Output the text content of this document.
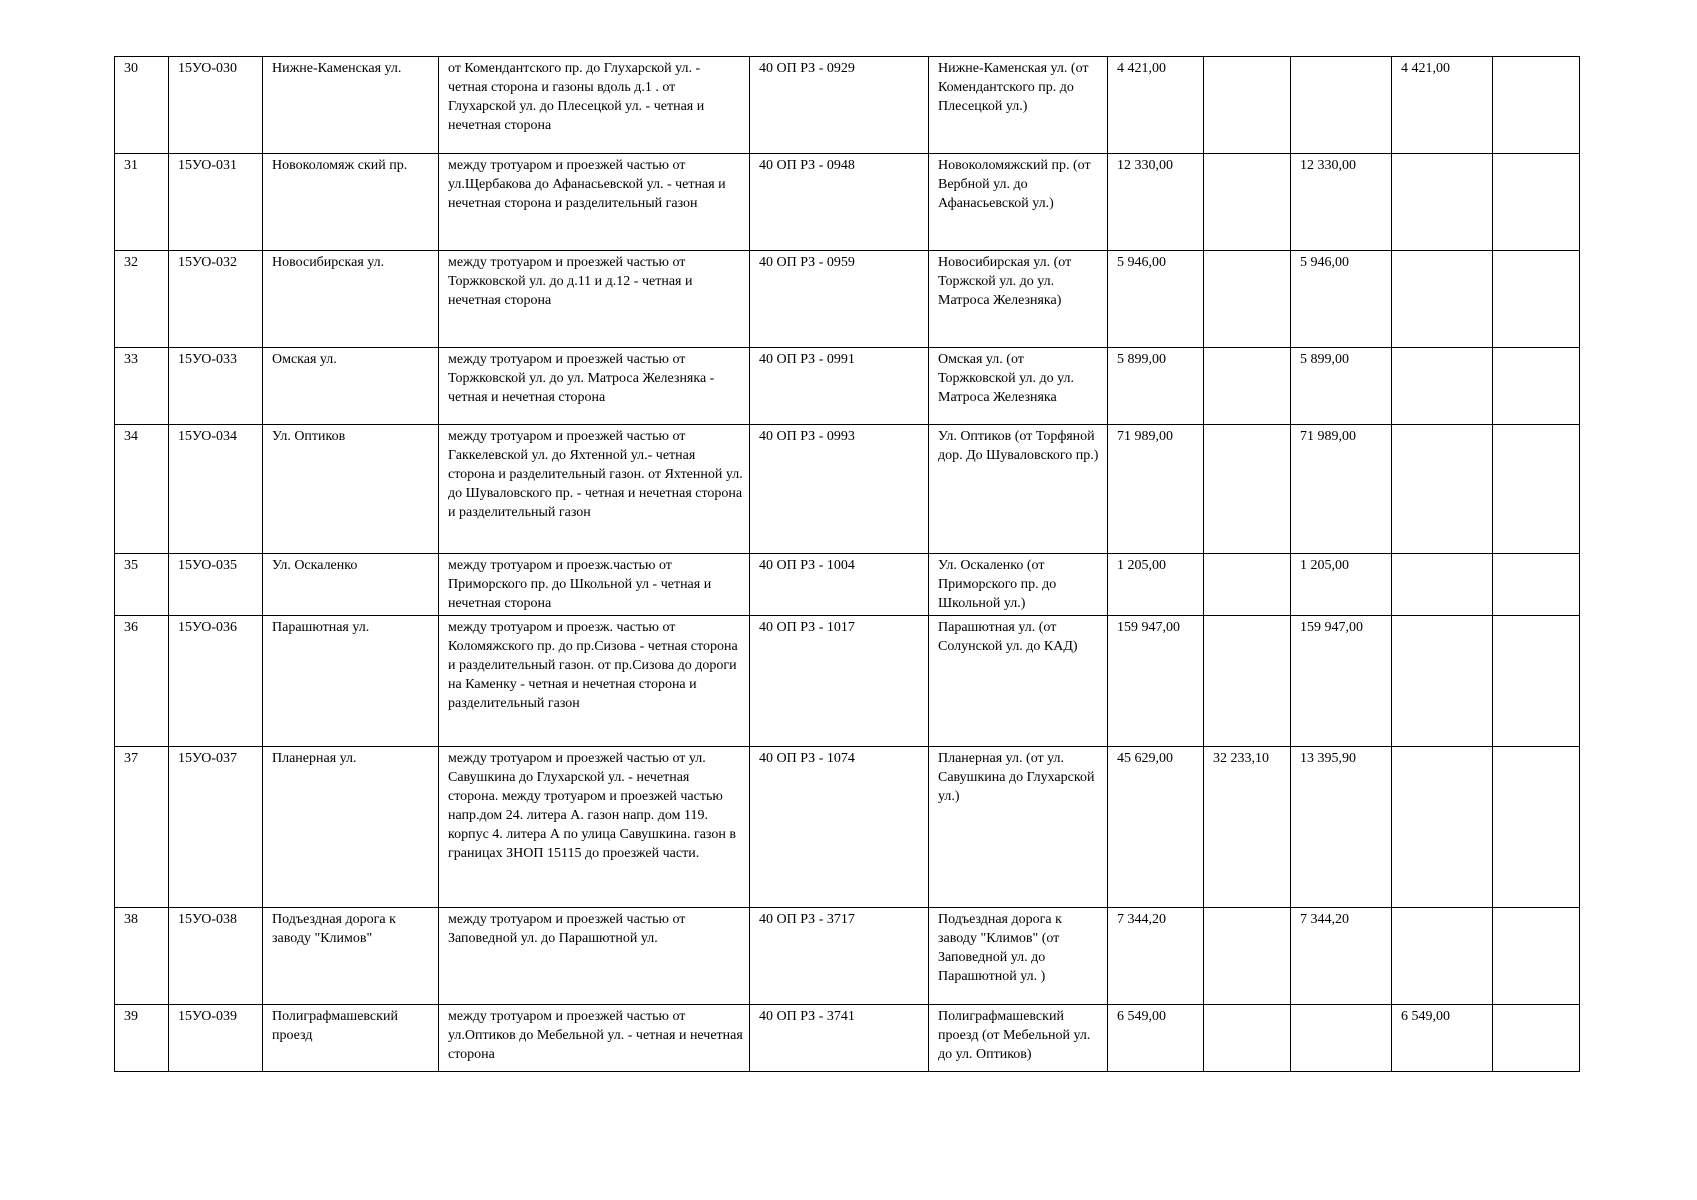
30	15УО-030	Нижне-Каменская ул.	от Комендантского пр. до Глухарской ул. - четная сторона и газоны вдоль д.1 . от Глухарской ул. до Плесецкой ул. - четная и нечетная сторона	40 ОП РЗ - 0929	Нижне-Каменская ул. (от Комендантского пр. до Плесецкой ул.)	4 421,00			4 421,00	
31	15УО-031	Новоколомяж ский пр.	между тротуаром и проезжей частью от ул.Щербакова до Афанасьевской ул. - четная и нечетная сторона и разделительный газон	40 ОП РЗ - 0948	Новоколомяжский пр. (от Вербной ул. до Афанасьевской ул.)	12 330,00		12 330,00		
32	15УО-032	Новосибирская ул.	между тротуаром и проезжей частью от Торжковской ул. до д.11 и д.12 - четная и нечетная сторона	40 ОП РЗ - 0959	Новосибирская ул. (от Торжской ул. до ул. Матроса Железняка)	5 946,00		5 946,00		
33	15УО-033	Омская ул.	между тротуаром и проезжей частью от Торжковской ул. до ул. Матроса Железняка - четная и нечетная сторона	40 ОП РЗ - 0991	Омская ул. (от Торжковской ул. до ул. Матроса Железняка	5 899,00		5 899,00		
34	15УО-034	Ул. Оптиков	между тротуаром и проезжей частью от Гаккелевской ул. до Яхтенной ул.- четная сторона и разделительный газон. от Яхтенной ул. до Шуваловского пр. - четная и нечетная сторона и разделительный газон	40 ОП РЗ - 0993	Ул. Оптиков (от Торфяной дор. До Шуваловского пр.)	71 989,00		71 989,00		
35	15УО-035	Ул. Оскаленко	между тротуаром и проезж.частью от Приморского пр. до Школьной ул - четная и нечетная сторона	40 ОП РЗ - 1004	Ул. Оскаленко (от Приморского пр. до Школьной ул.)	1 205,00		1 205,00		
36	15УО-036	Парашютная ул.	между тротуаром и проезж. частью от Коломяжского пр. до пр.Сизова - четная сторона и разделительный газон. от пр.Сизова до дороги на Каменку - четная и нечетная сторона и разделительный газон	40 ОП РЗ - 1017	Парашютная ул. (от Солунской ул. до КАД)	159 947,00		159 947,00		
37	15УО-037	Планерная ул.	между тротуаром и проезжей частью от ул. Савушкина до Глухарской ул. - нечетная сторона. между тротуаром и проезжей частью напр.дом 24. литера А. газон напр. дом 119. корпус 4. литера А по улица Савушкина. газон в границах ЗНОП 15115 до проезжей части.	40 ОП РЗ - 1074	Планерная ул. (от ул. Савушкина до Глухарской ул.)	45 629,00	32 233,10	13 395,90		
38	15УО-038	Подъездная дорога к заводу "Климов"	между тротуаром и проезжей частью от Заповедной ул. до Парашютной ул.	40 ОП РЗ - 3717	Подъездная дорога к заводу "Климов" (от Заповедной ул. до Парашютной ул. )	7 344,20		7 344,20		
39	15УО-039	Полиграфмашевский проезд	между тротуаром и проезжей частью от ул.Оптиков до Мебельной ул. - четная и нечетная сторона	40 ОП РЗ - 3741	Полиграфмашевский проезд (от Мебельной ул. до ул. Оптиков)	6 549,00			6 549,00	
